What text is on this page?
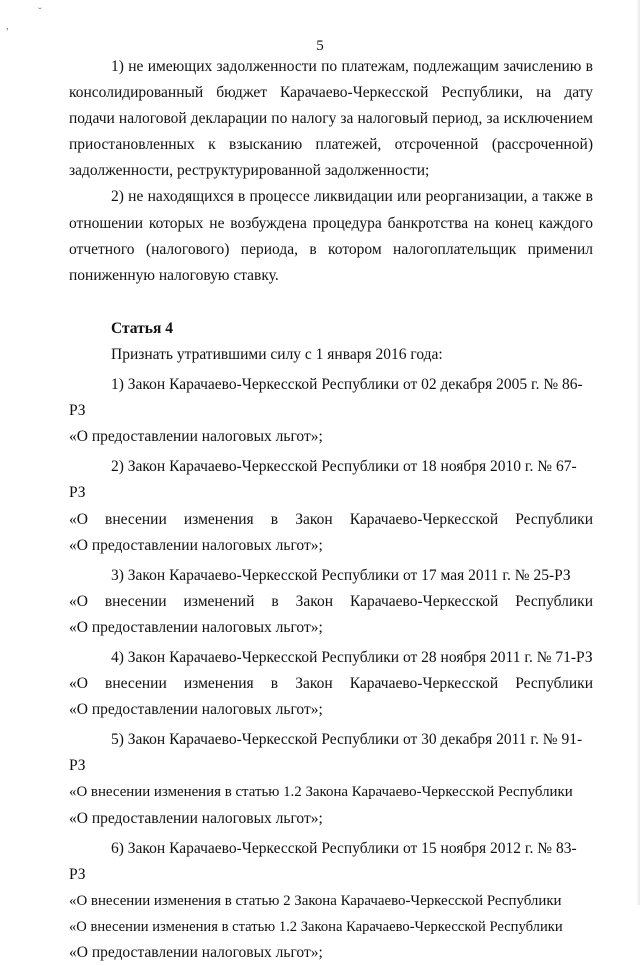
ˇ
,
5

1) не имеющих задолженности по платежам, подлежащим зачислению в консолидированный бюджет Карачаево-Черкесской Республики, на дату подачи налоговой декларации по налогу за налоговый период, за исключением приостановленных к взысканию платежей, отсроченной (рассроченной) задолженности, реструктурированной задолженности;

2) не находящихся в процессе ликвидации или реорганизации, а также в отношении которых не возбуждена процедура банкротства на конец каждого отчетного (налогового) периода, в котором налогоплательщик применил пониженную налоговую ставку.

Статья 4

Признать утратившими силу с 1 января 2016 года:

1) Закон Карачаево-Черкесской Республики от 02 декабря 2005 г. № 86-РЗ
«О предоставлении налоговых льгот»;
2) Закон Карачаево-Черкесской Республики от 18 ноября 2010 г. № 67-РЗ
«О внесении изменения в Закон Карачаево-Черкесской Республики
«О предоставлении налоговых льгот»;
3) Закон Карачаево-Черкесской Республики от 17 мая 2011 г. № 25-РЗ
«О внесении изменений в Закон Карачаево-Черкесской Республики
«О предоставлении налоговых льгот»;
4) Закон Карачаево-Черкесской Республики от 28 ноября 2011 г. № 71-РЗ
«О внесении изменения в Закон Карачаево-Черкесской Республики
«О предоставлении налоговых льгот»;
5) Закон Карачаево-Черкесской Республики от 30 декабря 2011 г. № 91-РЗ
«О внесении изменения в статью 1.2 Закона Карачаево-Черкесской Республики
«О предоставлении налоговых льгот»;
6) Закон Карачаево-Черкесской Республики от 15 ноября 2012 г. № 83-РЗ
«О внесении изменения в статью 2 Закона Карачаево-Черкесской Республики
«О внесении изменения в статью 1.2 Закона Карачаево-Черкесской Республики
«О предоставлении налоговых льгот»;
